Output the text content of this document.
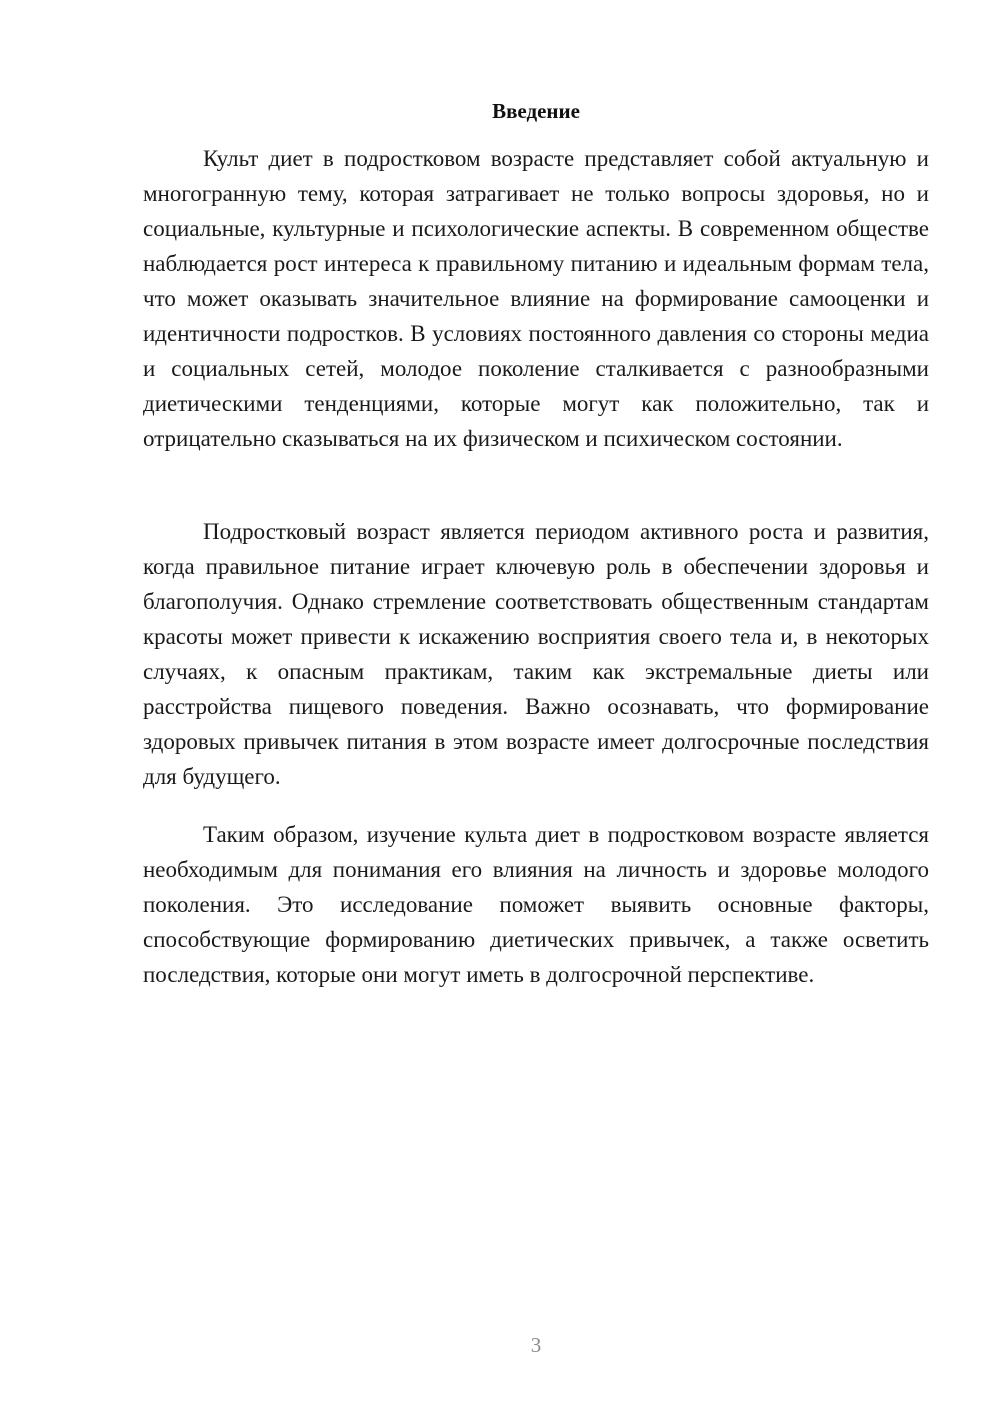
Введение

Культ диет в подростковом возрасте представляет собой актуальную и многогранную тему, которая затрагивает не только вопросы здоровья, но и социальные, культурные и психологические аспекты. В современном обществе наблюдается рост интереса к правильному питанию и идеальным формам тела, что может оказывать значительное влияние на формирование самооценки и идентичности подростков. В условиях постоянного давления со стороны медиа и социальных сетей, молодое поколение сталкивается с разнообразными диетическими тенденциями, которые могут как положительно, так и отрицательно сказываться на их физическом и психическом состоянии.

Подростковый возраст является периодом активного роста и развития, когда правильное питание играет ключевую роль в обеспечении здоровья и благополучия. Однако стремление соответствовать общественным стандартам красоты может привести к искажению восприятия своего тела и, в некоторых случаях, к опасным практикам, таким как экстремальные диеты или расстройства пищевого поведения. Важно осознавать, что формирование здоровых привычек питания в этом возрасте имеет долгосрочные последствия для будущего.

Таким образом, изучение культа диет в подростковом возрасте является необходимым для понимания его влияния на личность и здоровье молодого поколения. Это исследование поможет выявить основные факторы, способствующие формированию диетических привычек, а также осветить последствия, которые они могут иметь в долгосрочной перспективе.

3
